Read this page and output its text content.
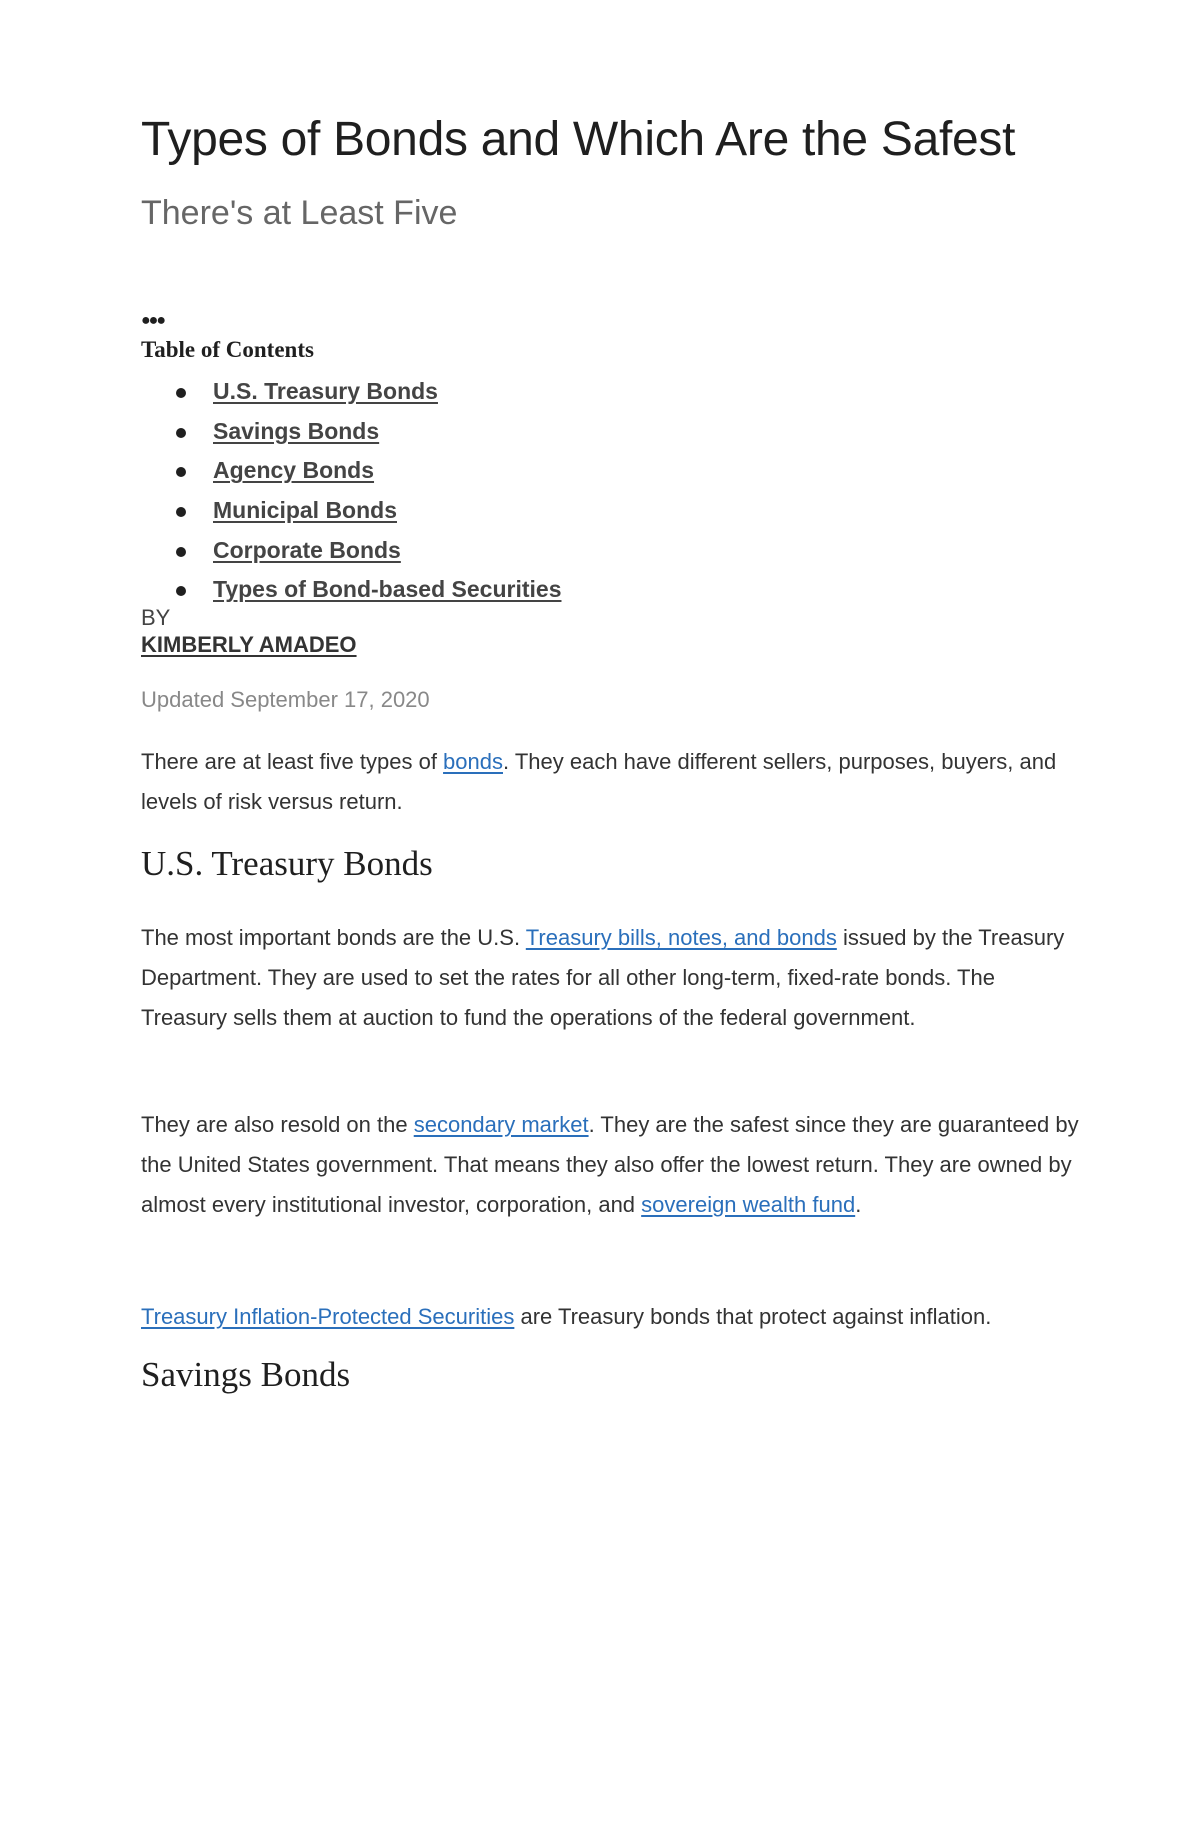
Types of Bonds and Which Are the Safest
There's at Least Five
●●●
Table of Contents
U.S. Treasury Bonds
Savings Bonds
Agency Bonds
Municipal Bonds
Corporate Bonds
Types of Bond-based Securities
BY
KIMBERLY AMADEO
Updated September 17, 2020

There are at least five types of bonds. They each have different sellers, purposes, buyers, and levels of risk versus return.

U.S. Treasury Bonds

The most important bonds are the U.S. Treasury bills, notes, and bonds issued by the Treasury Department. They are used to set the rates for all other long-term, fixed-rate bonds. The Treasury sells them at auction to fund the operations of the federal government.

They are also resold on the secondary market. They are the safest since they are guaranteed by the United States government. That means they also offer the lowest return. They are owned by almost every institutional investor, corporation, and sovereign wealth fund.

Treasury Inflation-Protected Securities are Treasury bonds that protect against inflation.

Savings Bonds
